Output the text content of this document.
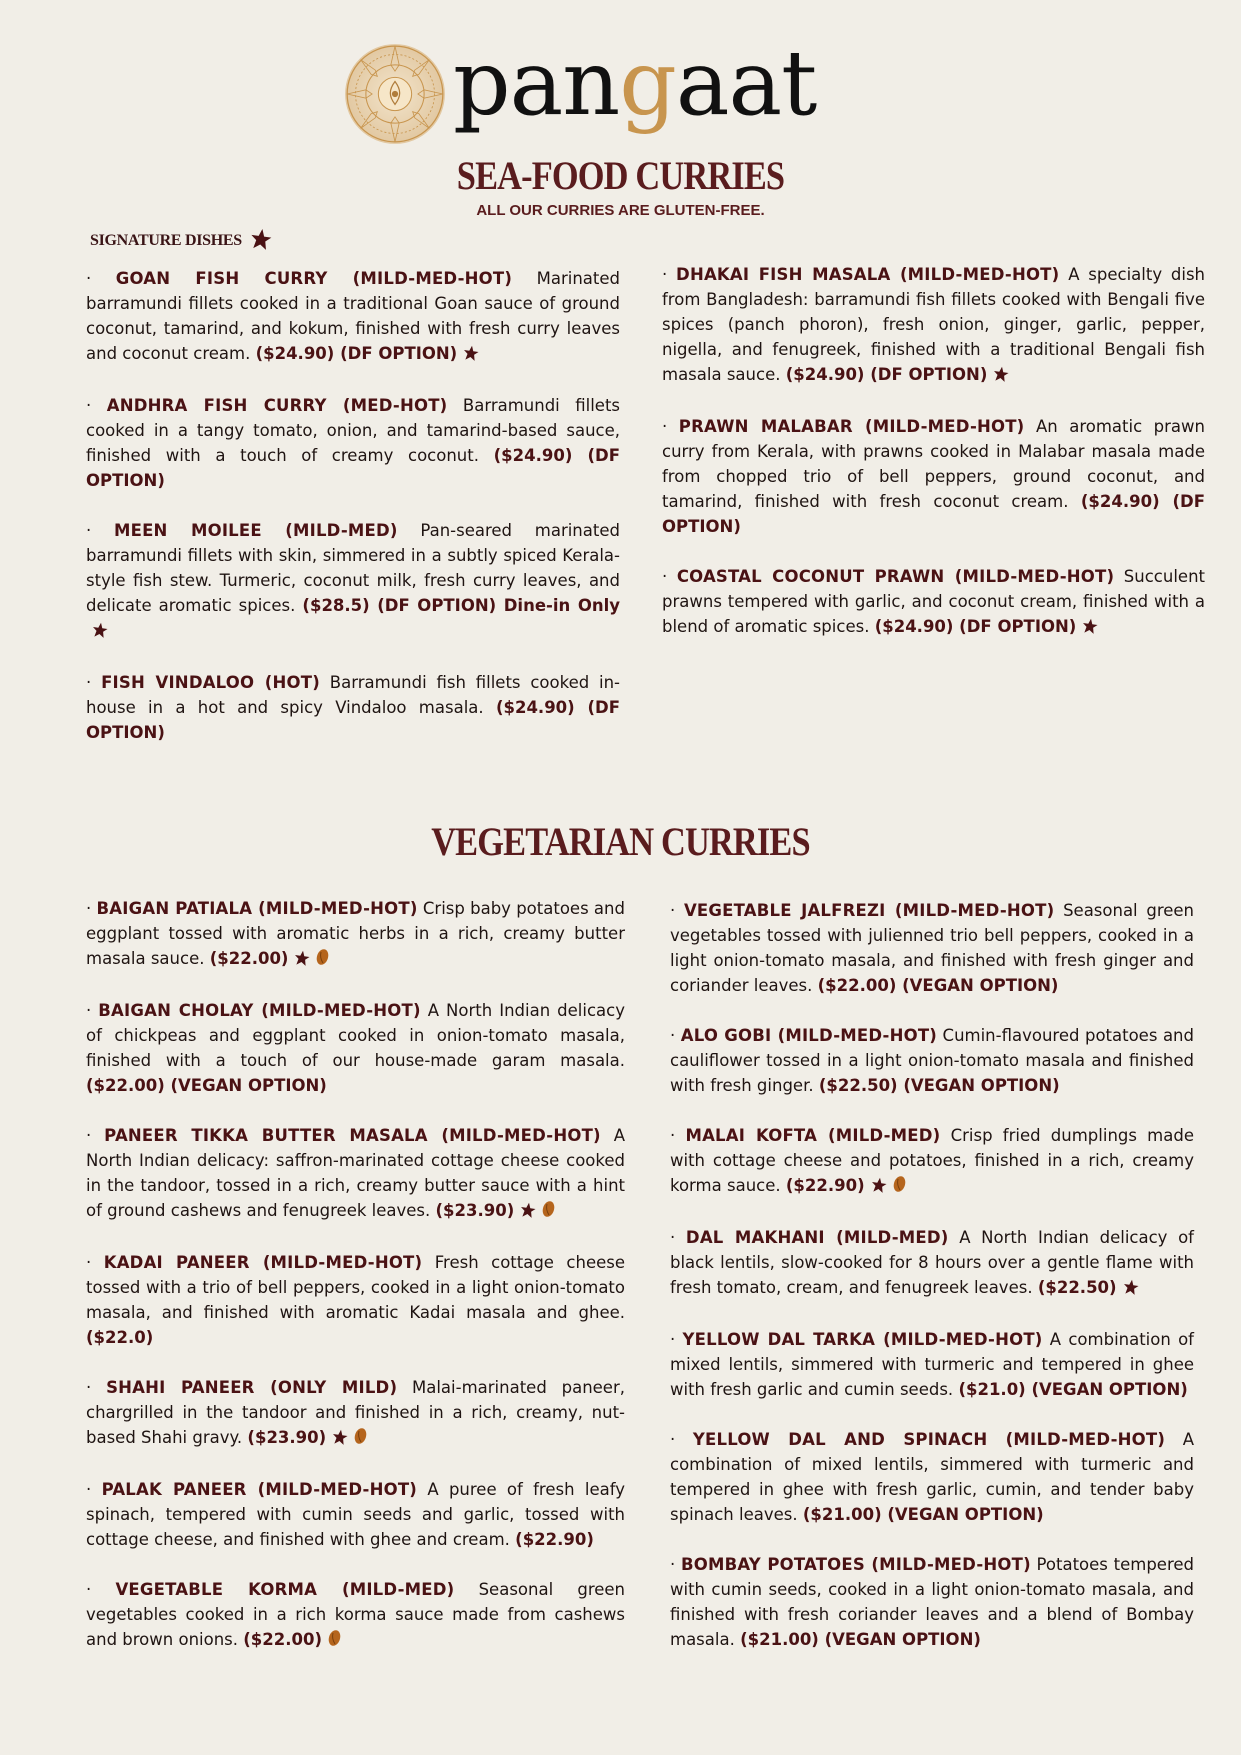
pangaat
SEA-FOOD CURRIES
ALL OUR CURRIES ARE GLUTEN-FREE.
SIGNATURE DISHES

· GOAN FISH CURRY (MILD-MED-HOT) Marinated barramundi fillets cooked in a traditional Goan sauce of ground coconut, tamarind, and kokum, finished with fresh curry leaves and coconut cream. ($24.90) (DF OPTION)

· ANDHRA FISH CURRY (MED-HOT) Barramundi fillets cooked in a tangy tomato, onion, and tamarind-based sauce, finished with a touch of creamy coconut. ($24.90) (DF OPTION)

· MEEN MOILEE (MILD-MED) Pan-seared marinated barramundi fillets with skin, simmered in a subtly spiced Kerala-style fish stew. Turmeric, coconut milk, fresh curry leaves, and delicate aromatic spices. ($28.5) (DF OPTION) Dine-in Only

· FISH VINDALOO (HOT) Barramundi fish fillets cooked in-house in a hot and spicy Vindaloo masala. ($24.90) (DF OPTION)

· DHAKAI FISH MASALA (MILD-MED-HOT) A specialty dish from Bangladesh: barramundi fish fillets cooked with Bengali five spices (panch phoron), fresh onion, ginger, garlic, pepper, nigella, and fenugreek, finished with a traditional Bengali fish masala sauce. ($24.90) (DF OPTION)

· PRAWN MALABAR (MILD-MED-HOT) An aromatic prawn curry from Kerala, with prawns cooked in Malabar masala made from chopped trio of bell peppers, ground coconut, and tamarind, finished with fresh coconut cream. ($24.90) (DF OPTION)

· COASTAL COCONUT PRAWN (MILD-MED-HOT) Succulent prawns tempered with garlic, and coconut cream, finished with a blend of aromatic spices. ($24.90) (DF OPTION)

VEGETARIAN CURRIES

· BAIGAN PATIALA (MILD-MED-HOT) Crisp baby potatoes and eggplant tossed with aromatic herbs in a rich, creamy butter masala sauce. ($22.00)

· BAIGAN CHOLAY (MILD-MED-HOT) A North Indian delicacy of chickpeas and eggplant cooked in onion-tomato masala, finished with a touch of our house-made garam masala. ($22.00) (VEGAN OPTION)

· PANEER TIKKA BUTTER MASALA (MILD-MED-HOT) A North Indian delicacy: saffron-marinated cottage cheese cooked in the tandoor, tossed in a rich, creamy butter sauce with a hint of ground cashews and fenugreek leaves. ($23.90)

· KADAI PANEER (MILD-MED-HOT) Fresh cottage cheese tossed with a trio of bell peppers, cooked in a light onion-tomato masala, and finished with aromatic Kadai masala and ghee. ($22.0)

· SHAHI PANEER (ONLY MILD) Malai-marinated paneer, chargrilled in the tandoor and finished in a rich, creamy, nut-based Shahi gravy. ($23.90)

· PALAK PANEER (MILD-MED-HOT) A puree of fresh leafy spinach, tempered with cumin seeds and garlic, tossed with cottage cheese, and finished with ghee and cream. ($22.90)

· VEGETABLE KORMA (MILD-MED) Seasonal green vegetables cooked in a rich korma sauce made from cashews and brown onions. ($22.00)

· VEGETABLE JALFREZI (MILD-MED-HOT) Seasonal green vegetables tossed with julienned trio bell peppers, cooked in a light onion-tomato masala, and finished with fresh ginger and coriander leaves. ($22.00) (VEGAN OPTION)

· ALO GOBI (MILD-MED-HOT) Cumin-flavoured potatoes and cauliflower tossed in a light onion-tomato masala and finished with fresh ginger. ($22.50) (VEGAN OPTION)

· MALAI KOFTA (MILD-MED) Crisp fried dumplings made with cottage cheese and potatoes, finished in a rich, creamy korma sauce. ($22.90)

· DAL MAKHANI (MILD-MED) A North Indian delicacy of black lentils, slow-cooked for 8 hours over a gentle flame with fresh tomato, cream, and fenugreek leaves. ($22.50)

· YELLOW DAL TARKA (MILD-MED-HOT) A combination of mixed lentils, simmered with turmeric and tempered in ghee with fresh garlic and cumin seeds. ($21.0) (VEGAN OPTION)

· YELLOW DAL AND SPINACH (MILD-MED-HOT) A combination of mixed lentils, simmered with turmeric and tempered in ghee with fresh garlic, cumin, and tender baby spinach leaves. ($21.00) (VEGAN OPTION)

· BOMBAY POTATOES (MILD-MED-HOT) Potatoes tempered with cumin seeds, cooked in a light onion-tomato masala, and finished with fresh coriander leaves and a blend of Bombay masala. ($21.00) (VEGAN OPTION)
